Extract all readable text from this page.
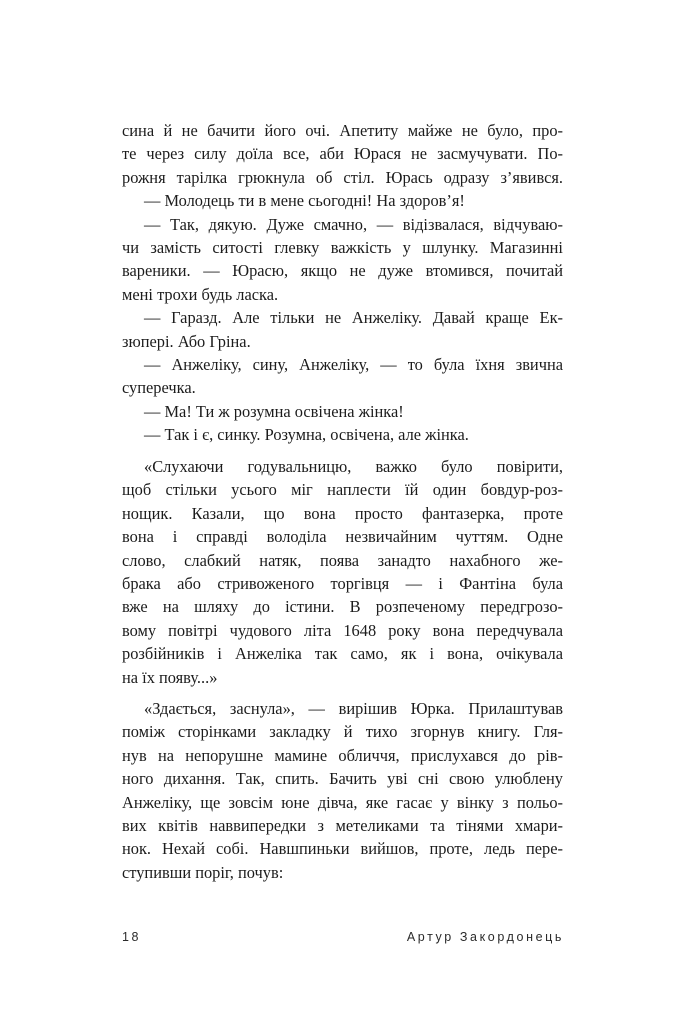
сина й не бачити його очі. Апетиту майже не було, про-
те через силу доїла все, аби Юрася не засмучувати. По-
рожня тарілка грюкнула об стіл. Юрась одразу з’явився.
— Молодець ти в мене сьогодні! На здоров’я!
— Так, дякую. Дуже смачно, — відізвалася, відчуваю-
чи замість ситості глевку важкість у шлунку. Магазинні
вареники. — Юрасю, якщо не дуже втомився, почитай
мені трохи будь ласка.
— Гаразд. Але тільки не Анжеліку. Давай краще Ек-
зюпері. Або Гріна.
— Анжеліку, сину, Анжеліку, — то була їхня звична
суперечка.
— Ма! Ти ж розумна освічена жінка!
— Так і є, синку. Розумна, освічена, але жінка.
«Слухаючи годувальницю, важко було повірити,
щоб стільки усього міг наплести їй один бовдур-роз-
нощик. Казали, що вона просто фантазерка, проте
вона і справді володіла незвичайним чуттям. Одне
слово, слабкий натяк, поява занадто нахабного же-
брака або стривоженого торгівця — і Фантіна була
вже на шляху до істини. В розпеченому передгрозо-
вому повітрі чудового літа 1648 року вона передчувала
розбійників і Анжеліка так само, як і вона, очікувала
на їх появу...»
«Здається, заснула», — вирішив Юрка. Прилаштував
поміж сторінками закладку й тихо згорнув книгу. Гля-
нув на непорушне мамине обличчя, прислухався до рів-
ного дихання. Так, спить. Бачить уві сні свою улюблену
Анжеліку, ще зовсім юне дівча, яке гасає у вінку з польо-
вих квітів наввипередки з метеликами та тінями хмари-
нок. Нехай собі. Навшпиньки вийшов, проте, ледь пере-
ступивши поріг, почув:
18	Артур Закордонець
